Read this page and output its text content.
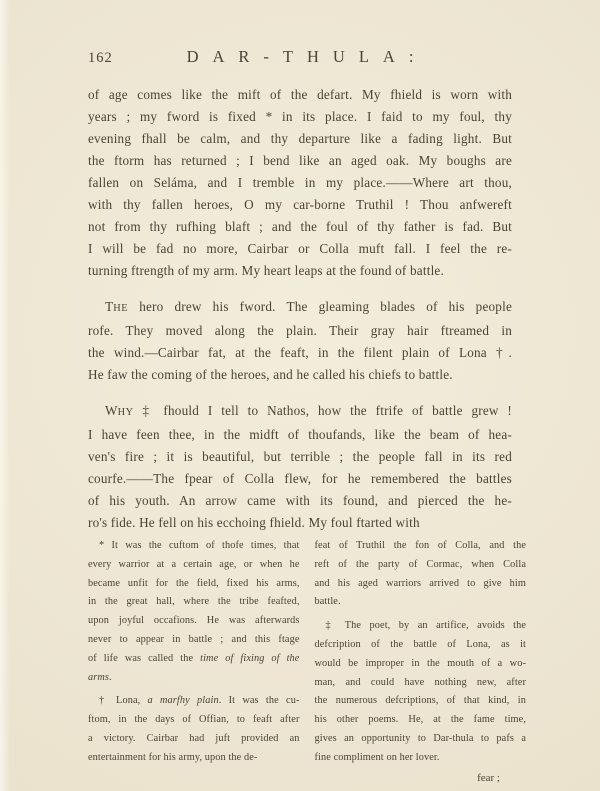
162	DAR-THULA:
of age comes like the mift of the defart. My fhield is worn with
years ; my fword is fixed * in its place. I faid to my foul, thy
evening fhall be calm, and thy departure like a fading light. But
the ftorm has returned ; I bend like an aged oak. My boughs are
fallen on Seláma, and I tremble in my place.——Where art thou,
with thy fallen heroes, O my car-borne Truthil ! Thou anfwereft
not from thy rufhing blaft ; and the foul of thy father is fad. But
I will be fad no more, Cairbar or Colla muft fall. I feel the re-
turning ftrength of my arm. My heart leaps at the found of battle.
THE hero drew his fword. The gleaming blades of his people
rofe. They moved along the plain. Their gray hair ftreamed in
the wind.—Cairbar fat, at the feaft, in the filent plain of Lona †.
He faw the coming of the heroes, and he called his chiefs to battle.
WHY ‡ fhould I tell to Nathos, how the ftrife of battle grew !
I have feen thee, in the midft of thoufands, like the beam of hea-
ven's fire ; it is beautiful, but terrible ; the people fall in its red
courfe.——The fpear of Colla flew, for he remembered the battles
of his youth. An arrow came with its found, and pierced the he-
ro's fide. He fell on his ecchoing fhield. My foul ftarted with
* It was the cuftom of thofe times, that
every warrior at a certain age, or when he
became unfit for the field, fixed his arms,
in the great hall, where the tribe feafted,
upon joyful occafions. He was afterwards
never to appear in battle ; and this ftage
of life was called the time of fixing of the
arms.
† Lona, a marfhy plain. It was the cu-
ftom, in the days of Offian, to feaft after
a victory. Cairbar had juft provided an
entertainment for his army, upon the de-
feat of Truthil the fon of Colla, and the
reft of the party of Cormac, when Colla
and his aged warriors arrived to give him
battle.
‡ The poet, by an artifice, avoids the
defcription of the battle of Lona, as it
would be improper in the mouth of a wo-
man, and could have nothing new, after
the numerous defcriptions, of that kind, in
his other poems. He, at the fame time,
gives an opportunity to Dar-thula to pafs a
fine compliment on her lover.
fear ;
